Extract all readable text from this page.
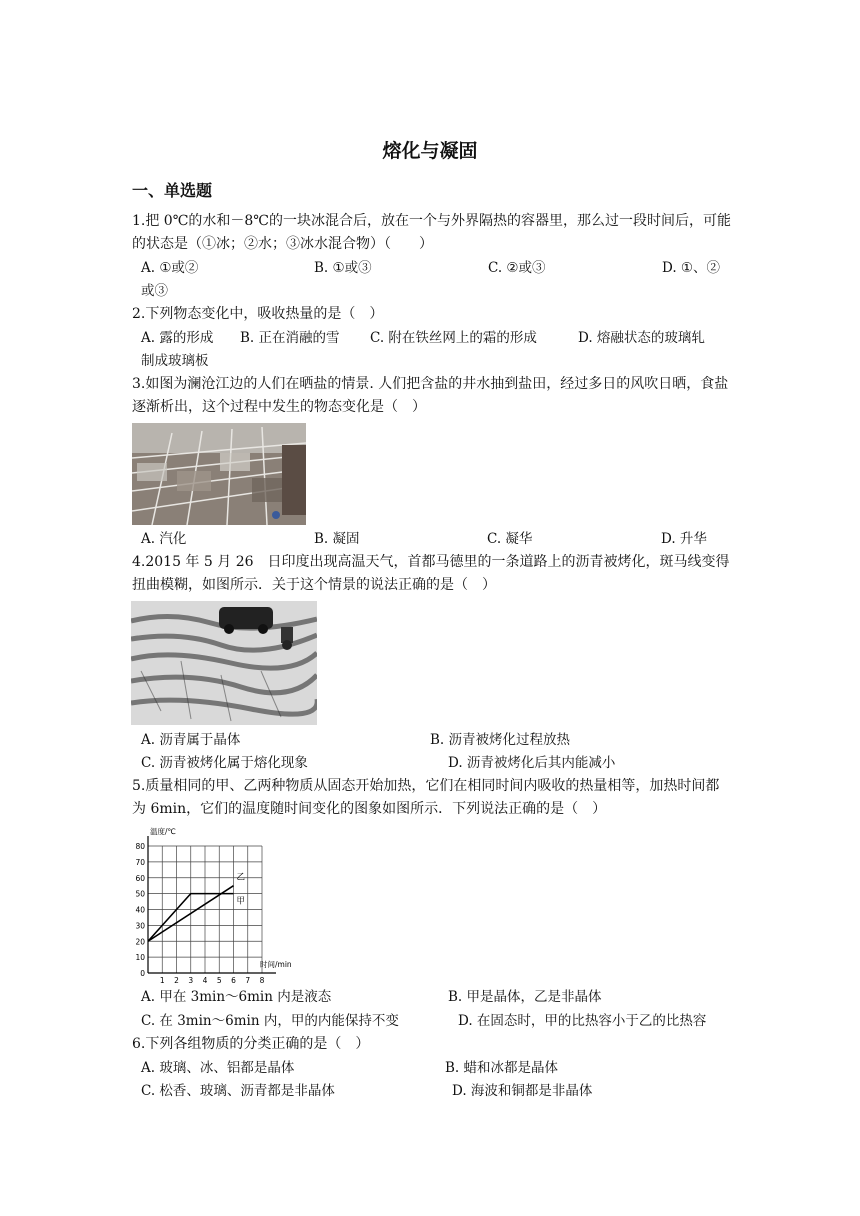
熔化与凝固
一、单选题
1.把 0℃的水和－8℃的一块冰混合后，放在一个与外界隔热的容器里，那么过一段时间后，可能的状态是（①冰；②水；③冰水混合物）（　　）
A. ①或②	B. ①或③	C. ②或③	D. ①、②
或③
2.下列物态变化中，吸收热量的是（　）
A. 露的形成 B. 正在消融的雪 C. 附在铁丝网上的霜的形成	D. 熔融状态的玻璃轧
制成玻璃板
3.如图为澜沧江边的人们在晒盐的情景. 人们把含盐的井水抽到盐田，经过多日的风吹日晒，食盐逐渐析出，这个过程中发生的物态变化是（　）
A. 汽化	B. 凝固	C. 凝华	D. 升华
4.2015 年 5 月 26　日印度出现高温天气，首都马德里的一条道路上的沥青被烤化，斑马线变得扭曲模糊，如图所示．关于这个情景的说法正确的是（　）
A. 沥青属于晶体	B. 沥青被烤化过程放热
C. 沥青被烤化属于熔化现象	D. 沥青被烤化后其内能减小
5.质量相同的甲、乙两种物质从固态开始加热，它们在相同时间内吸收的热量相等，加热时间都为 6min，它们的温度随时间变化的图象如图所示．下列说法正确的是（　）
0
10
20
30
40
50
60
70
80
1 2 3 4 5 6 7 8
温度/℃
时间/min
甲
乙
A. 甲在 3min～6min 内是液态	B. 甲是晶体，乙是非晶体
C. 在 3min～6min 内，甲的内能保持不变	D. 在固态时，甲的比热容小于乙的比热容
6.下列各组物质的分类正确的是（　）
A. 玻璃、冰、铝都是晶体	B. 蜡和冰都是晶体
C. 松香、玻璃、沥青都是非晶体	D. 海波和铜都是非晶体
